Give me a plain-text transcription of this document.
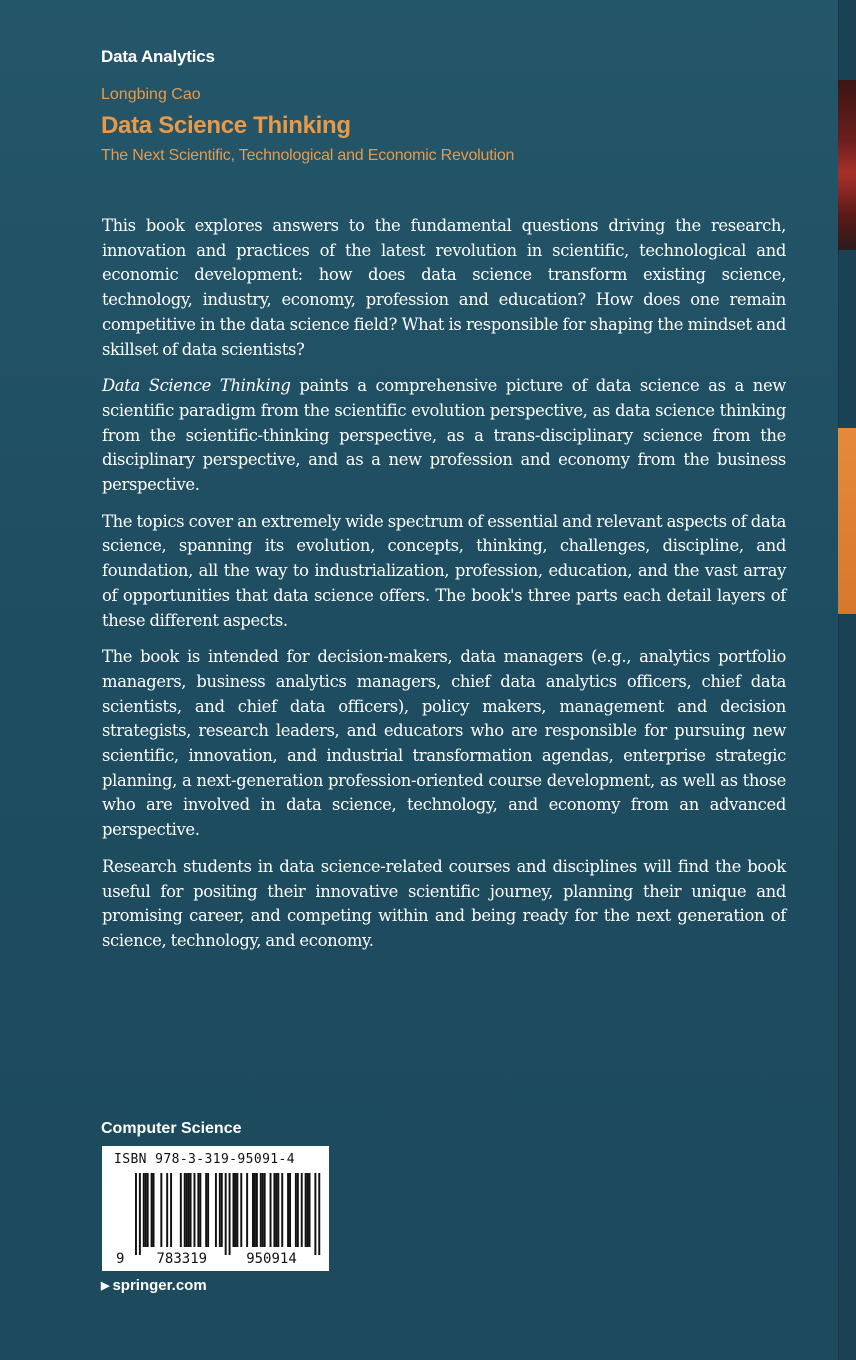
Data Analytics
Longbing Cao
Data Science Thinking
The Next Scientific, Technological and Economic Revolution

This book explores answers to the fundamental questions driving the research, innovation and practices of the latest revolution in scientific, technological and economic development: how does data science transform existing science, technology, industry, economy, profession and education? How does one remain competitive in the data science field? What is responsible for shaping the mindset and skillset of data scientists?

Data Science Thinking paints a comprehensive picture of data science as a new scientific paradigm from the scientific evolution perspective, as data science thinking from the scientific-thinking perspective, as a trans-disciplinary science from the disciplinary perspective, and as a new profession and economy from the business perspective.

The topics cover an extremely wide spectrum of essential and relevant aspects of data science, spanning its evolution, concepts, thinking, challenges, discipline, and foundation, all the way to industrialization, profession, education, and the vast array of opportunities that data science offers. The book's three parts each detail layers of these different aspects.

The book is intended for decision-makers, data managers (e.g., analytics portfolio managers, business analytics managers, chief data analytics officers, chief data scientists, and chief data officers), policy makers, management and decision strategists, research leaders, and educators who are responsible for pursuing new scientific, innovation, and industrial transformation agendas, enterprise strategic planning, a next-generation profession-oriented course development, as well as those who are involved in data science, technology, and economy from an advanced perspective.

Research students in data science-related courses and disciplines will find the book useful for positing their innovative scientific journey, planning their unique and promising career, and competing within and being ready for the next generation of science, technology, and economy.

Computer Science
ISBN 978-3-319-95091-4
9 783319	950914
▶ springer.com
